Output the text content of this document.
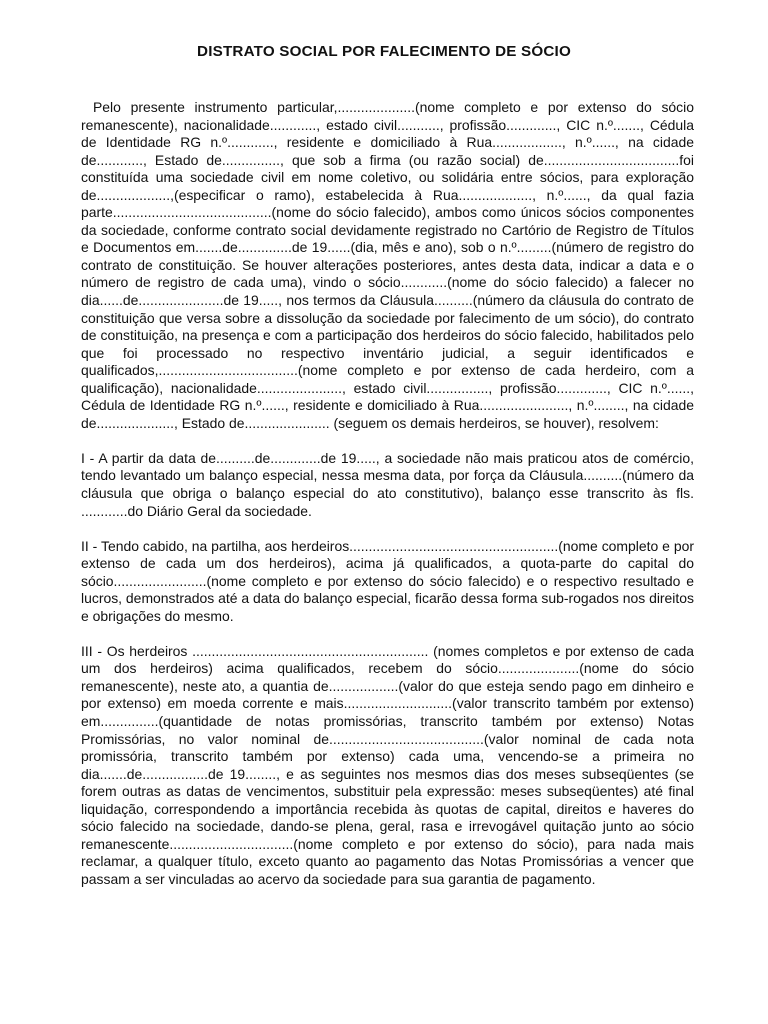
DISTRATO SOCIAL POR FALECIMENTO DE SÓCIO

Pelo presente instrumento particular,....................(nome completo e por extenso do sócio remanescente), nacionalidade............, estado civil..........., profissão............., CIC n.º......., Cédula de Identidade RG n.º............, residente e domiciliado à Rua.................., n.º......, na cidade de............, Estado de..............., que sob a firma (ou razão social) de...................................foi constituída uma sociedade civil em nome coletivo, ou solidária entre sócios, para exploração de...................,(especificar o ramo), estabelecida à Rua..................., n.º......, da qual fazia parte.........................................(nome do sócio falecido), ambos como únicos sócios componentes da sociedade, conforme contrato social devidamente registrado no Cartório de Registro de Títulos e Documentos em.......de..............de 19......(dia, mês e ano), sob o n.º.........(número de registro do contrato de constituição. Se houver alterações posteriores, antes desta data, indicar a data e o número de registro de cada uma), vindo o sócio............(nome do sócio falecido) a falecer no dia......de......................de 19....., nos termos da Cláusula..........(número da cláusula do contrato de constituição que versa sobre a dissolução da sociedade por falecimento de um sócio), do contrato de constituição, na presença e com a participação dos herdeiros do sócio falecido, habilitados pelo que foi processado no respectivo inventário judicial, a seguir identificados e qualificados,....................................(nome completo e por extenso de cada herdeiro, com a qualificação), nacionalidade......................, estado civil................, profissão............., CIC n.º......, Cédula de Identidade RG n.º......, residente e domiciliado à Rua......................., n.º........, na cidade de...................., Estado de...................... (seguem os demais herdeiros, se houver), resolvem:

I - A partir da data de..........de.............de 19....., a sociedade não mais praticou atos de comércio, tendo levantado um balanço especial, nessa mesma data, por força da Cláusula..........(número da cláusula que obriga o balanço especial do ato constitutivo), balanço esse transcrito às fls. ............do Diário Geral da sociedade.

II - Tendo cabido, na partilha, aos herdeiros......................................................(nome completo e por extenso de cada um dos herdeiros), acima já qualificados, a quota-parte do capital do sócio........................(nome completo e por extenso do sócio falecido) e o respectivo resultado e lucros, demonstrados até a data do balanço especial, ficarão dessa forma sub-rogados nos direitos e obrigações do mesmo.

III - Os herdeiros ............................................................. (nomes completos e por extenso de cada um dos herdeiros) acima qualificados, recebem do sócio.....................(nome do sócio remanescente), neste ato, a quantia de..................(valor do que esteja sendo pago em dinheiro e por extenso) em moeda corrente e mais............................(valor transcrito também por extenso) em...............(quantidade de notas promissórias, transcrito também por extenso) Notas Promissórias, no valor nominal de........................................(valor nominal de cada nota promissória, transcrito também por extenso) cada uma, vencendo-se a primeira no dia.......de.................de 19........, e as seguintes nos mesmos dias dos meses subseqüentes (se forem outras as datas de vencimentos, substituir pela expressão: meses subseqüentes) até final liquidação, correspondendo a importância recebida às quotas de capital, direitos e haveres do sócio falecido na sociedade, dando-se plena, geral, rasa e irrevogável quitação junto ao sócio remanescente................................(nome completo e por extenso do sócio), para nada mais reclamar, a qualquer título, exceto quanto ao pagamento das Notas Promissórias a vencer que passam a ser vinculadas ao acervo da sociedade para sua garantia de pagamento.
